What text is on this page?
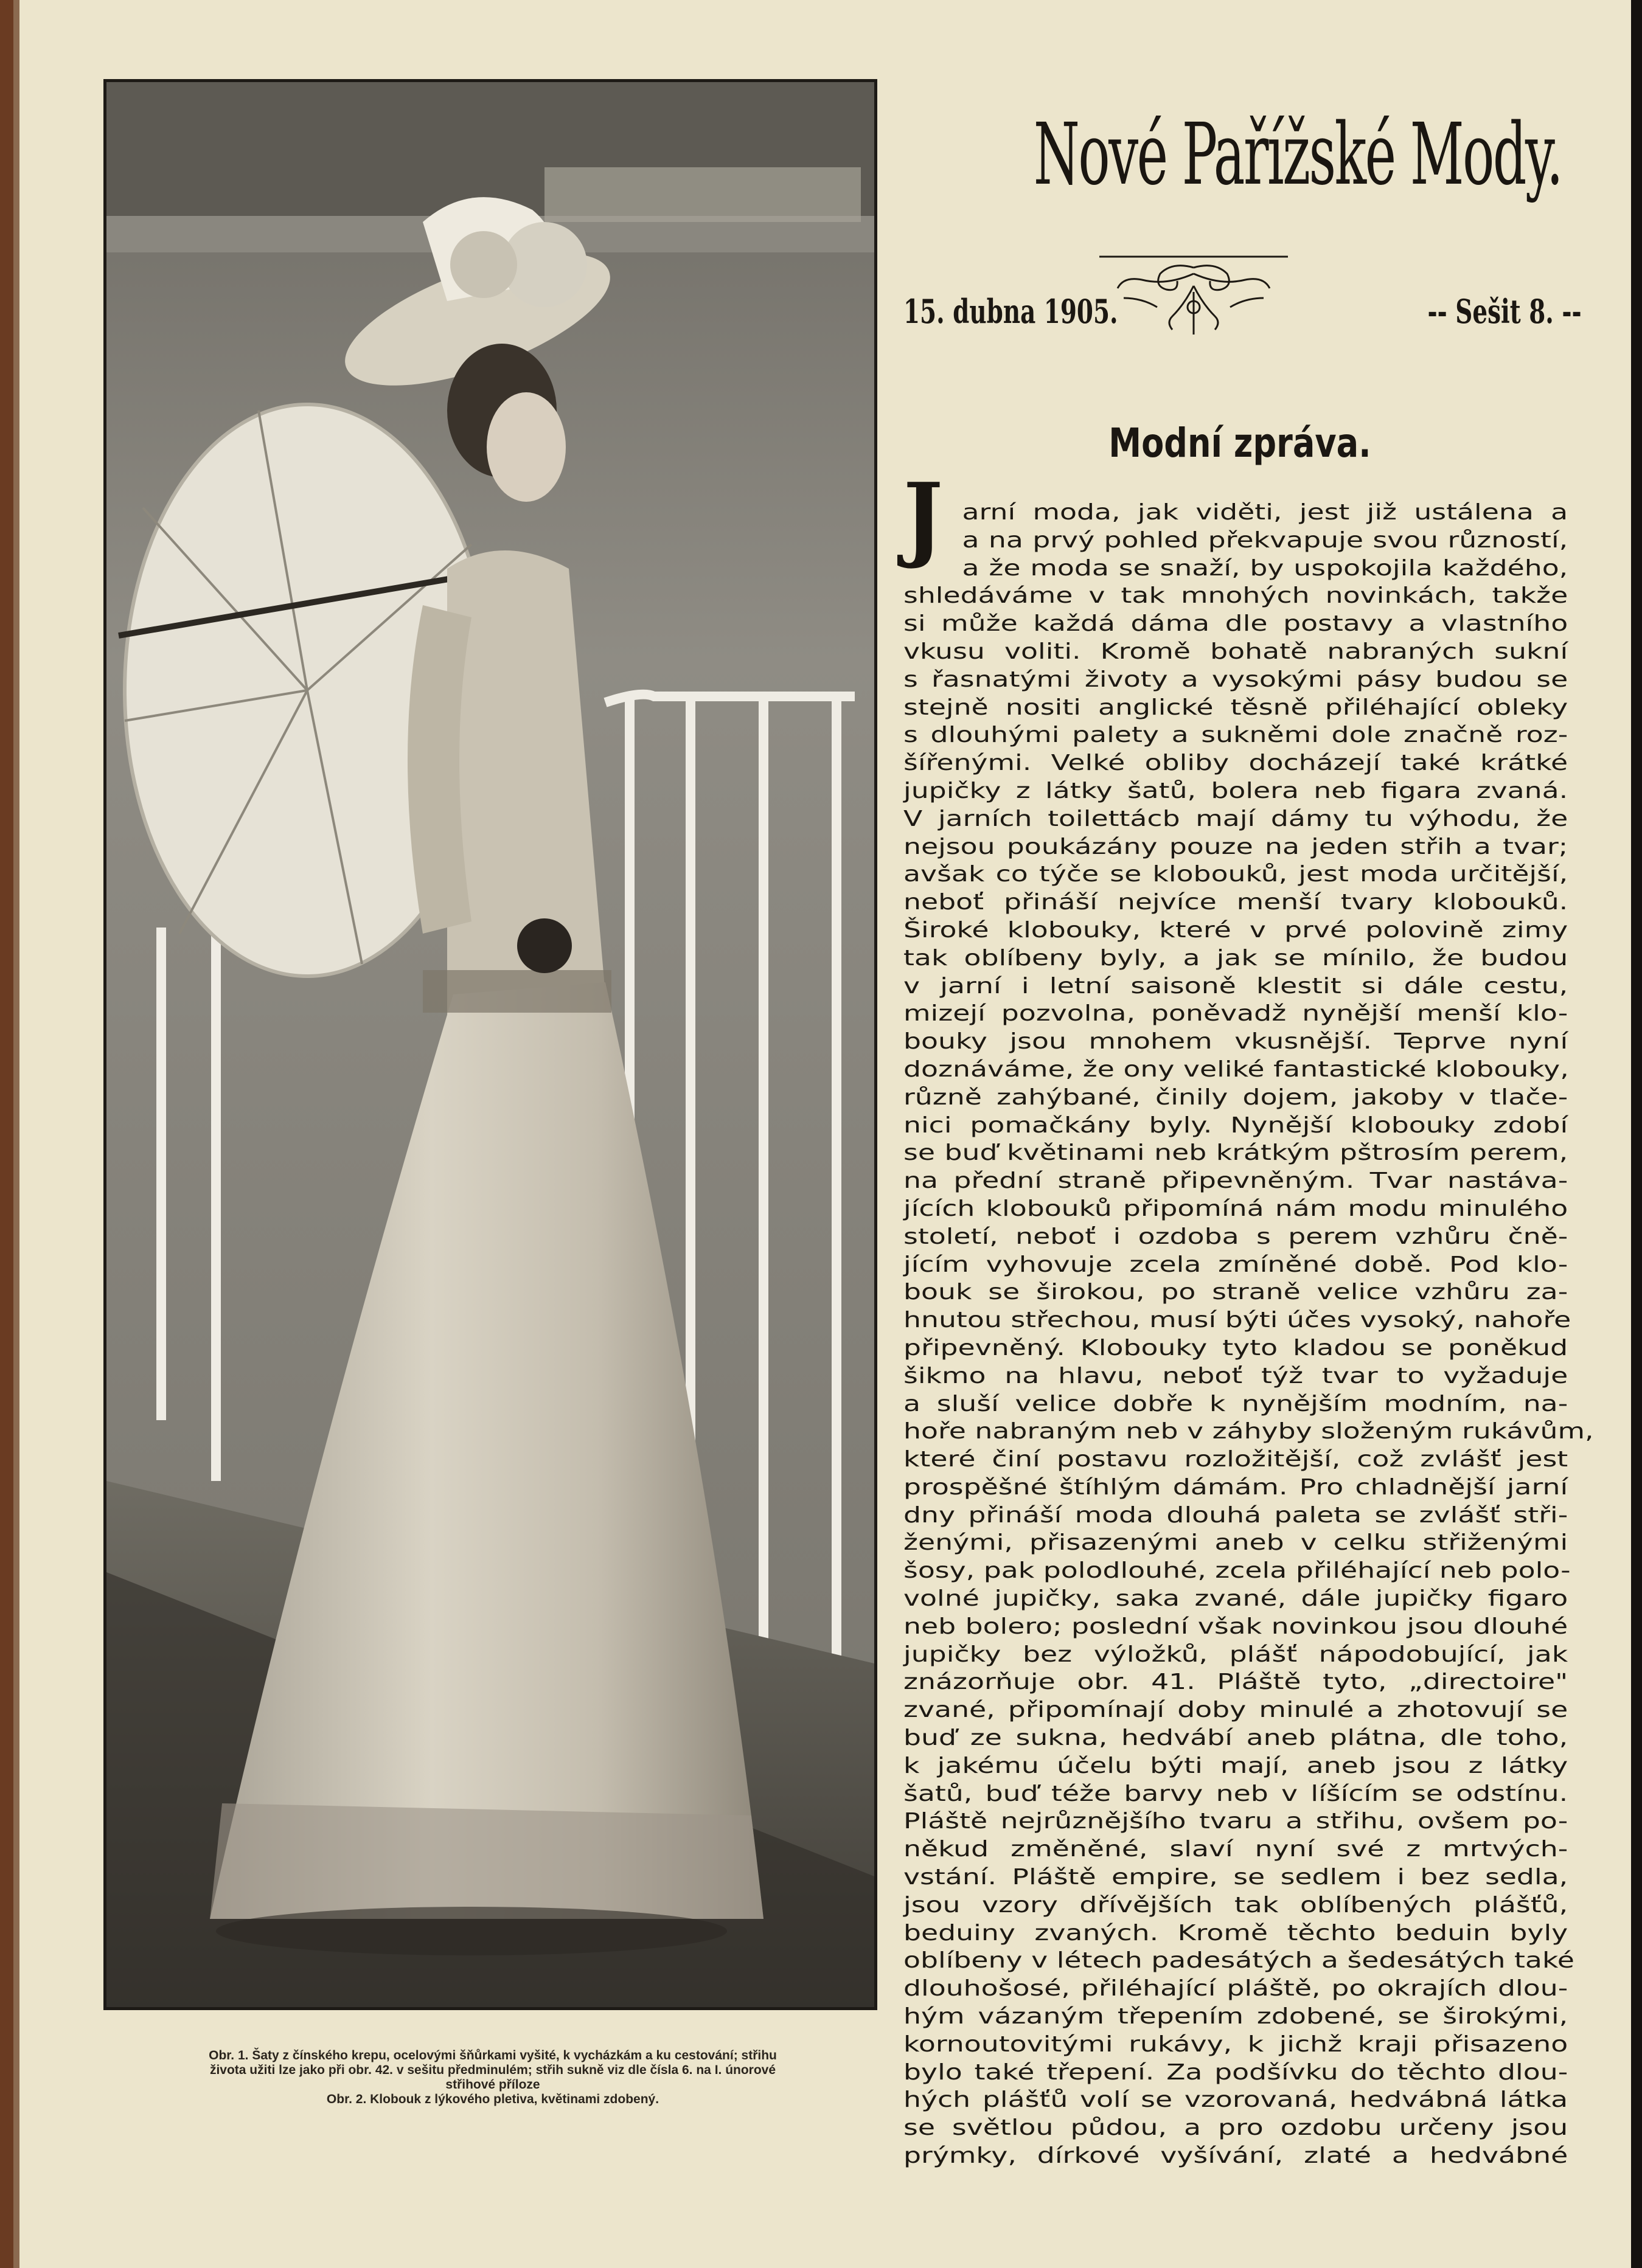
Obr. 1. Šaty z čínského krepu, ocelovými šňůrkami vyšité, k vycházkám a ku cestování; střihu

života užiti lze jako při obr. 42. v sešitu předminulém; střih sukně viz dle čísla 6. na I. únorové

střihové příloze

Obr. 2. Klobouk z lýkového pletiva, květinami zdobený.

Nové Pařížské Mody.
15. dubna 1905.	-- Sešit 8. --
Modní zpráva.
J arní moda, jak viděti, jest již ustálena a
a na prvý pohled překvapuje svou růzností,
a že moda se snaží, by uspokojila každého,
shledáváme v tak mnohých novinkách, takže
si může každá dáma dle postavy a vlastního
vkusu voliti. Kromě bohatě nabraných sukní
s řasnatými životy a vysokými pásy budou se
stejně nositi anglické těsně přiléhající obleky
s dlouhými palety a sukněmi dole značně roz-
šířenými. Velké obliby docházejí také krátké
jupičky z látky šatů, bolera neb figara zvaná.
V jarních toilettácb mají dámy tu výhodu, že
nejsou poukázány pouze na jeden střih a tvar;
avšak co týče se klobouků, jest moda určitější,
neboť přináší nejvíce menší tvary klobouků.
Široké klobouky, které v prvé polovině zimy
tak oblíbeny byly, a jak se mínilo, že budou
v jarní i letní saisoně klestit si dále cestu,
mizejí pozvolna, poněvadž nynější menší klo-
bouky jsou mnohem vkusnější. Teprve nyní
doznáváme, že ony veliké fantastické klobouky,
různě zahýbané, činily dojem, jakoby v tlače-
nici pomačkány byly. Nynější klobouky zdobí
se buď květinami neb krátkým pštrosím perem,
na přední straně připevněným. Tvar nastáva-
jících klobouků připomíná nám modu minulého
století, neboť i ozdoba s perem vzhůru čně-
jícím vyhovuje zcela zmíněné době. Pod klo-
bouk se širokou, po straně velice vzhůru za-
hnutou střechou, musí býti účes vysoký, nahoře
připevněný. Klobouky tyto kladou se poněkud
šikmo na hlavu, neboť týž tvar to vyžaduje
a sluší velice dobře k nynějším modním, na-
hoře nabraným neb v záhyby složeným rukávům,
které činí postavu rozložitější, což zvlášť jest
prospěšné štíhlým dámám. Pro chladnější jarní
dny přináší moda dlouhá paleta se zvlášť stři-
ženými, přisazenými aneb v celku střiženými
šosy, pak polodlouhé, zcela přiléhající neb polo-
volné jupičky, saka zvané, dále jupičky figaro
neb bolero; poslední však novinkou jsou dlouhé
jupičky bez výložků, plášť nápodobující, jak
znázorňuje obr. 41. Pláště tyto, „directoire"
zvané, připomínají doby minulé a zhotovují se
buď ze sukna, hedvábí aneb plátna, dle toho,
k jakému účelu býti mají, aneb jsou z látky
šatů, buď téže barvy neb v líšícím se odstínu.
Pláště nejrůznějšího tvaru a střihu, ovšem po-
někud změněné, slaví nyní své z mrtvých-
vstání. Pláště empire, se sedlem i bez sedla,
jsou vzory dřívějších tak oblíbených plášťů,
beduiny zvaných. Kromě těchto beduin byly
oblíbeny v létech padesátých a šedesátých také
dlouhošosé, přiléhající pláště, po okrajích dlou-
hým vázaným třepením zdobené, se širokými,
kornoutovitými rukávy, k jichž kraji přisazeno
bylo také třepení. Za podšívku do těchto dlou-
hých plášťů volí se vzorovaná, hedvábná látka
se světlou půdou, a pro ozdobu určeny jsou
prýmky, dírkové vyšívání, zlaté a hedvábné
